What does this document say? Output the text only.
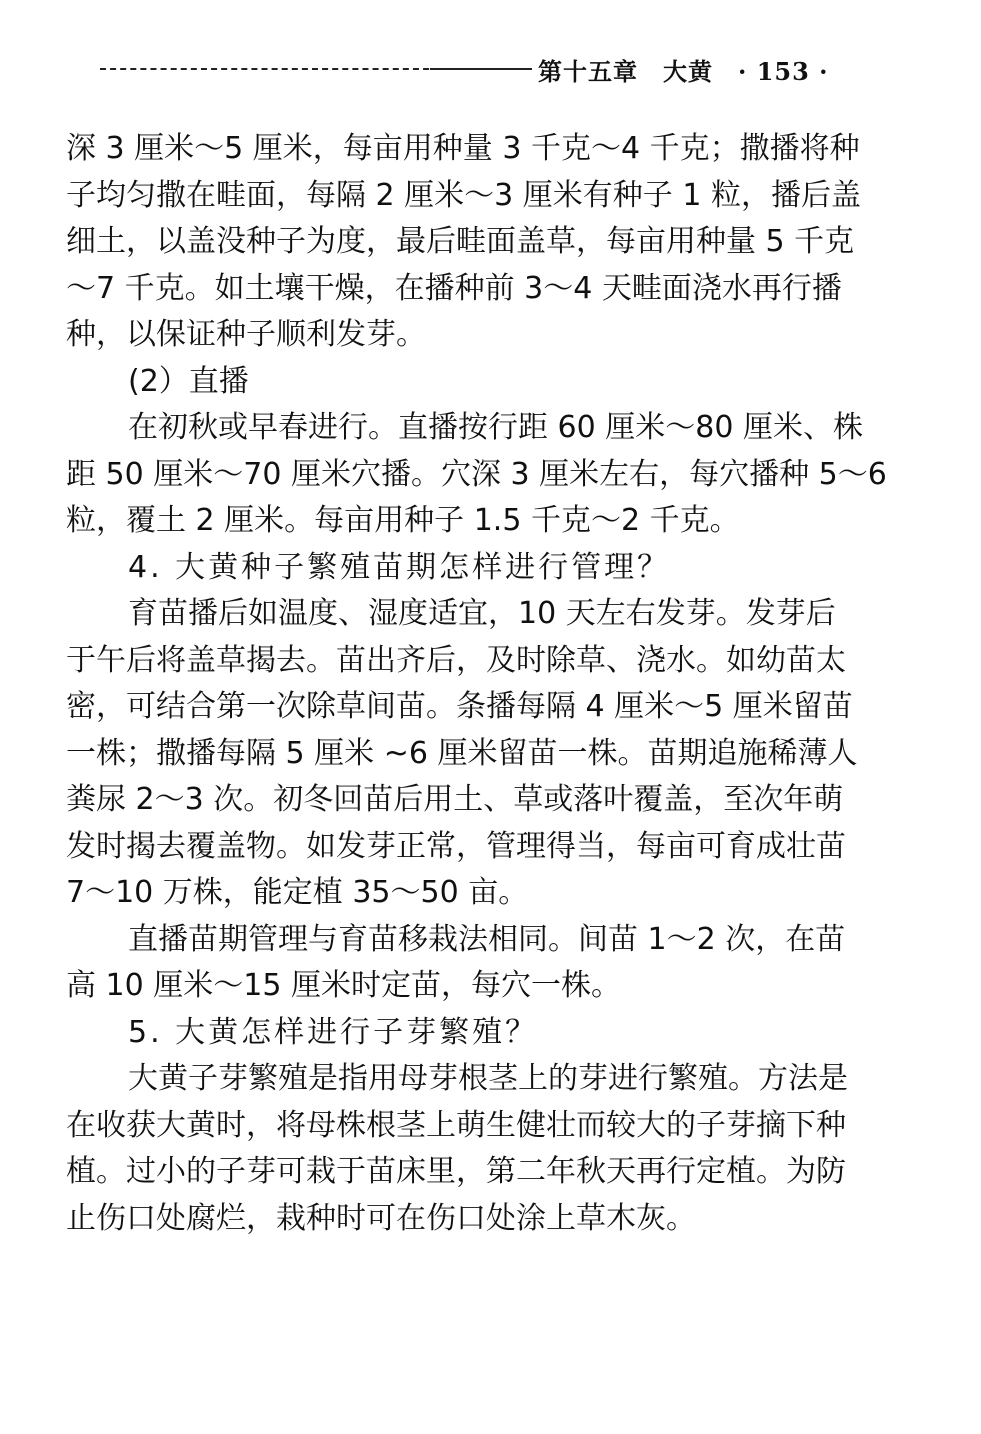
第十五章　大黄　· 153 ·
深 3 厘米～5 厘米，每亩用种量 3 千克～4 千克；撒播将种
子均匀撒在畦面，每隔 2 厘米～3 厘米有种子 1 粒，播后盖
细土，以盖没种子为度，最后畦面盖草，每亩用种量 5 千克
～7 千克。如土壤干燥，在播种前 3～4 天畦面浇水再行播
种，以保证种子顺利发芽。
(2）直播
在初秋或早春进行。直播按行距 60 厘米～80 厘米、株
距 50 厘米～70 厘米穴播。穴深 3 厘米左右，每穴播种 5～6
粒，覆土 2 厘米。每亩用种子 1.5 千克～2 千克。
4. 大黄种子繁殖苗期怎样进行管理？
育苗播后如温度、湿度适宜，10 天左右发芽。发芽后
于午后将盖草揭去。苗出齐后，及时除草、浇水。如幼苗太
密，可结合第一次除草间苗。条播每隔 4 厘米～5 厘米留苗
一株；撒播每隔 5 厘米 ~6 厘米留苗一株。苗期追施稀薄人
粪尿 2～3 次。初冬回苗后用土、草或落叶覆盖，至次年萌
发时揭去覆盖物。如发芽正常，管理得当，每亩可育成壮苗
7～10 万株，能定植 35～50 亩。
直播苗期管理与育苗移栽法相同。间苗 1～2 次，在苗
高 10 厘米～15 厘米时定苗，每穴一株。
5. 大黄怎样进行子芽繁殖？
大黄子芽繁殖是指用母芽根茎上的芽进行繁殖。方法是
在收获大黄时，将母株根茎上萌生健壮而较大的子芽摘下种
植。过小的子芽可栽于苗床里，第二年秋天再行定植。为防
止伤口处腐烂，栽种时可在伤口处涂上草木灰。
